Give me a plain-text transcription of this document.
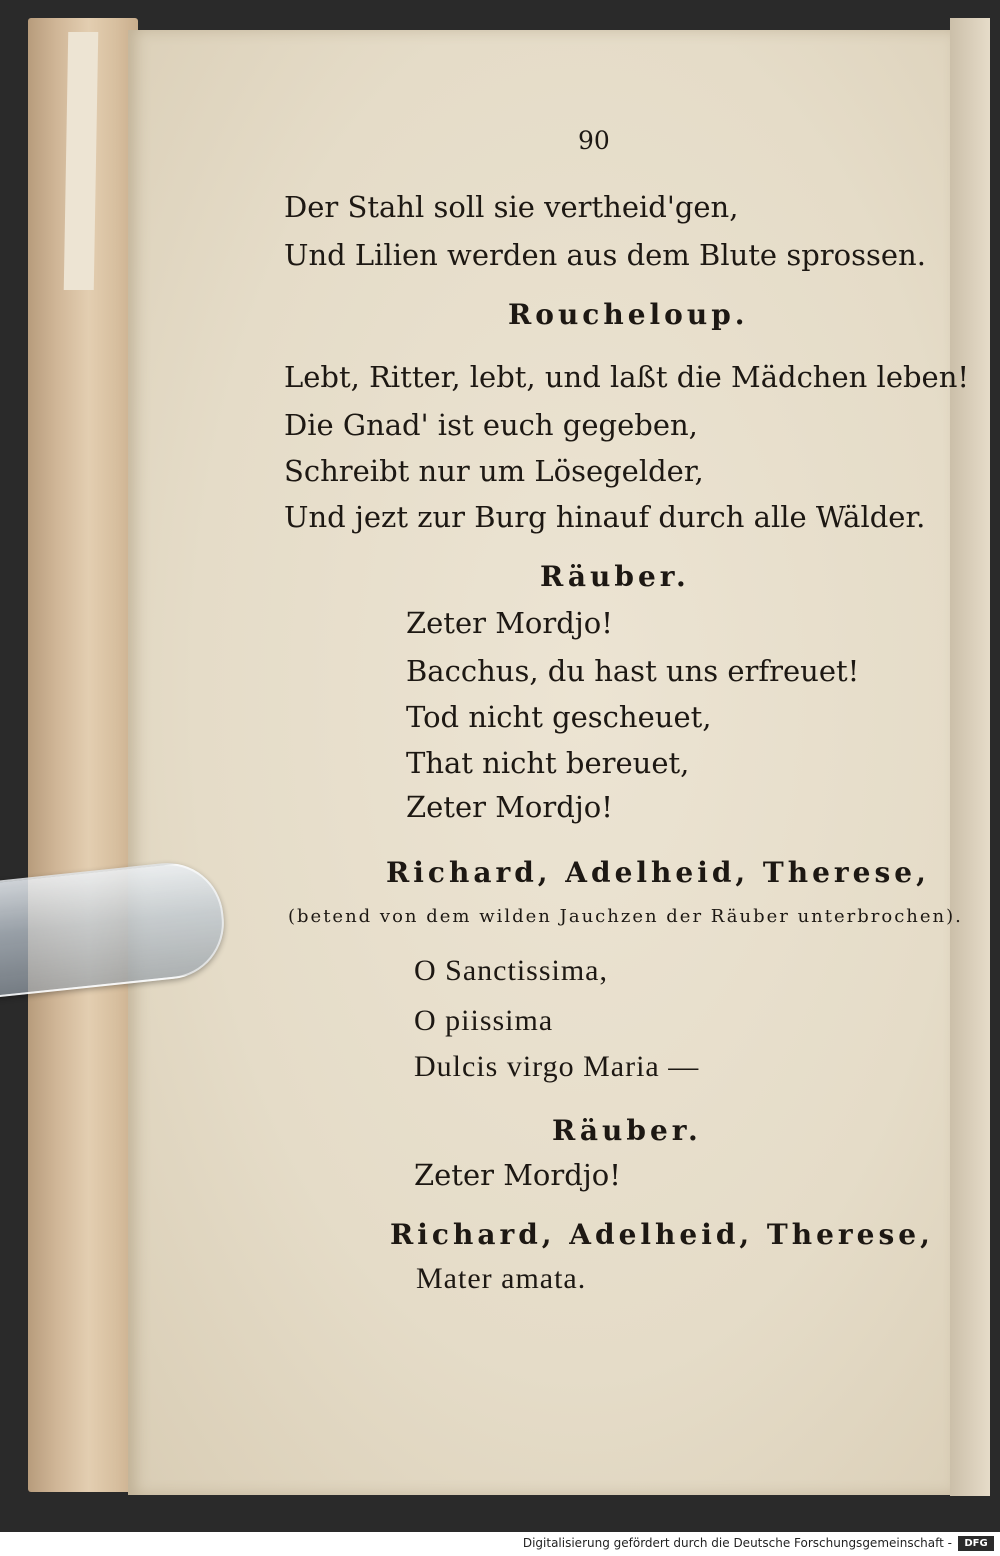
90
Der Stahl soll sie vertheid'gen,
Und Lilien werden aus dem Blute sprossen.
Roucheloup.
Lebt, Ritter, lebt, und laßt die Mädchen leben!
Die Gnad' ist euch gegeben,
Schreibt nur um Lösegelder,
Und jezt zur Burg hinauf durch alle Wälder.
Räuber.
Zeter Mordjo!
Bacchus, du hast uns erfreuet!
Tod nicht gescheuet,
That nicht bereuet,
Zeter Mordjo!
Richard, Adelheid, Therese,
(betend von dem wilden Jauchzen der Räuber unterbrochen).
O Sanctissima,
O piissima
Dulcis virgo Maria —
Räuber.
Zeter Mordjo!
Richard, Adelheid, Therese,
Mater amata.
Digitalisierung gefördert durch die Deutsche Forschungsgemeinschaft -	DFG
